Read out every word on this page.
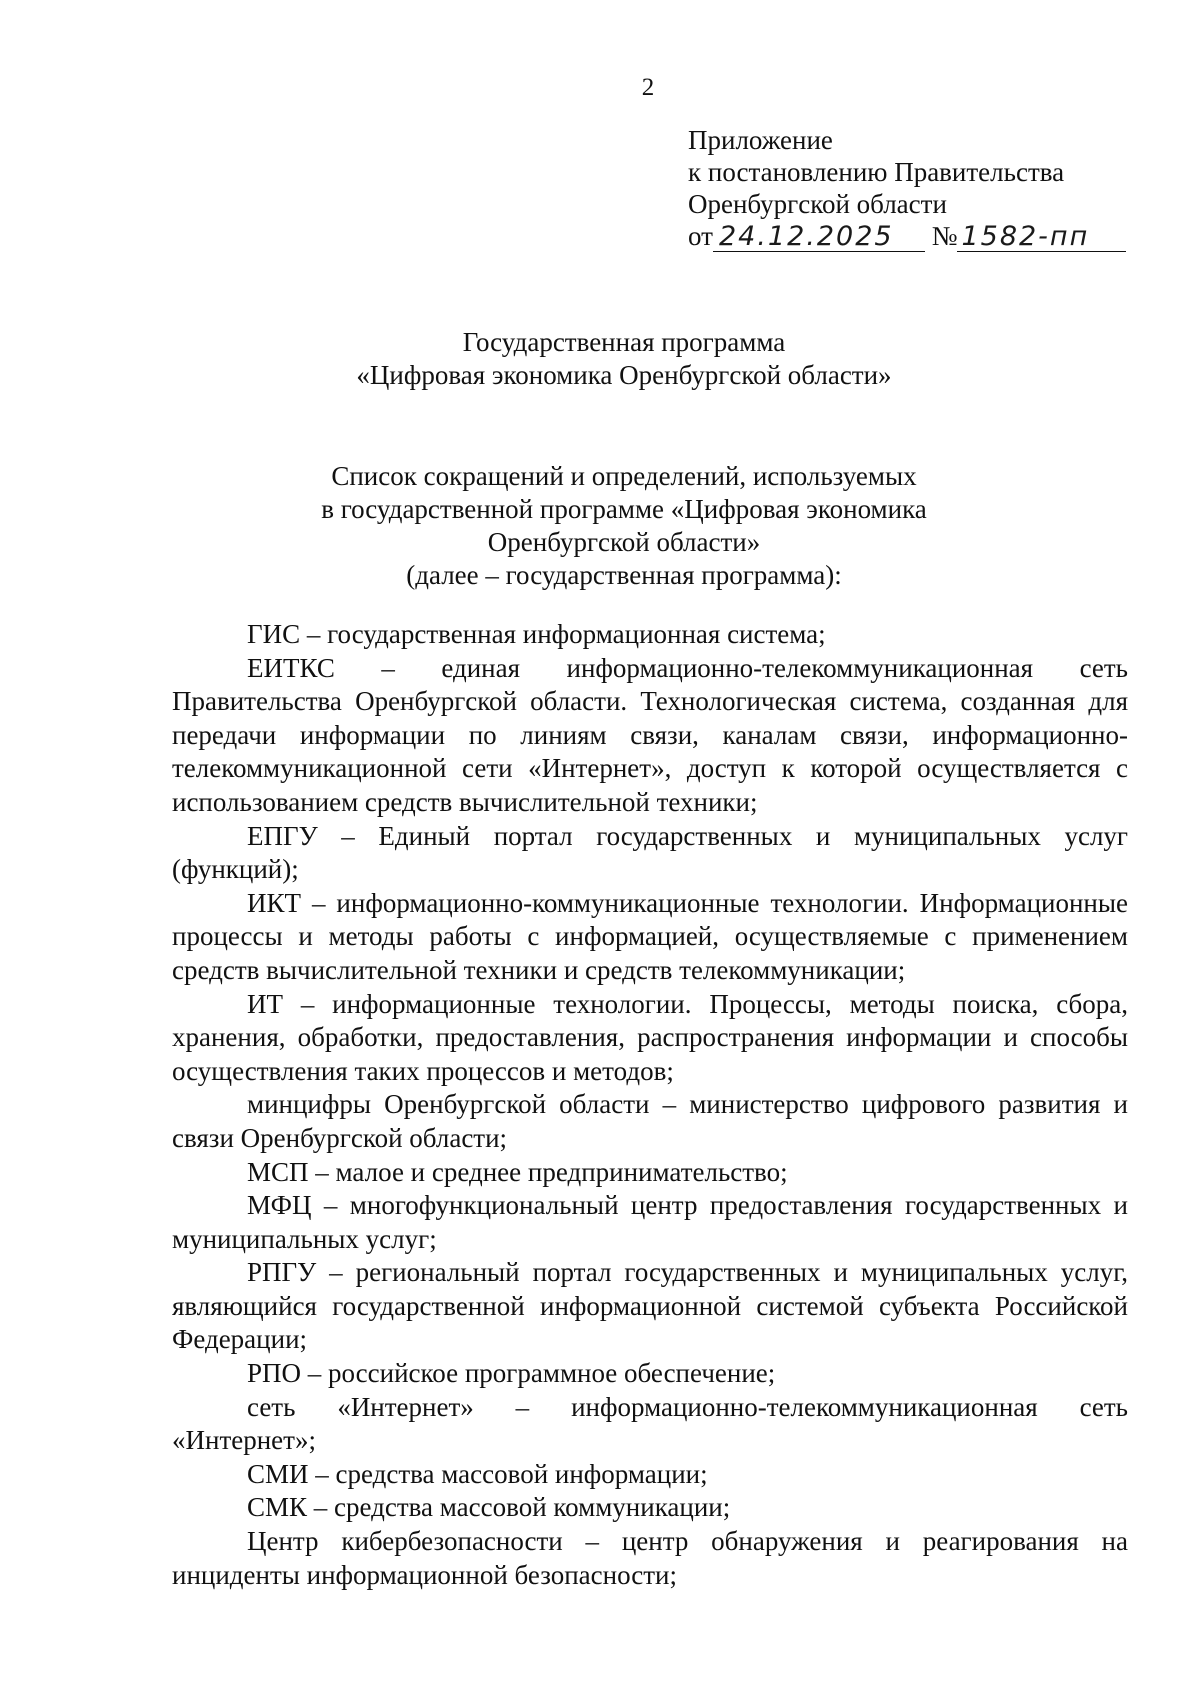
2
Приложение
к постановлению Правительства
Оренбургской области
от 24.12.2025 № 1582-пп
Государственная программа
«Цифровая экономика Оренбургской области»
Список сокращений и определений, используемых
в государственной программе «Цифровая экономика
Оренбургской области»
(далее – государственная программа):

ГИС – государственная информационная система;

ЕИТКС – единая информационно-телекоммуникационная сеть Правительства Оренбургской области. Технологическая система, созданная для передачи информации по линиям связи, каналам связи, информационно-телекоммуникационной сети «Интернет», доступ к которой осуществляется с использованием средств вычислительной техники;

ЕПГУ – Единый портал государственных и муниципальных услуг (функций);

ИКТ – информационно-коммуникационные технологии. Информационные процессы и методы работы с информацией, осуществляемые с применением средств вычислительной техники и средств телекоммуникации;

ИТ – информационные технологии. Процессы, методы поиска, сбора, хранения, обработки, предоставления, распространения информации и способы осуществления таких процессов и методов;

минцифры Оренбургской области – министерство цифрового развития и связи Оренбургской области;

МСП – малое и среднее предпринимательство;

МФЦ – многофункциональный центр предоставления государственных и муниципальных услуг;

РПГУ – региональный портал государственных и муниципальных услуг, являющийся государственной информационной системой субъекта Российской Федерации;

РПО – российское программное обеспечение;

сеть «Интернет» – информационно-телекоммуникационная сеть «Интернет»;

СМИ – средства массовой информации;

СМК – средства массовой коммуникации;

Центр кибербезопасности – центр обнаружения и реагирования на инциденты информационной безопасности;
